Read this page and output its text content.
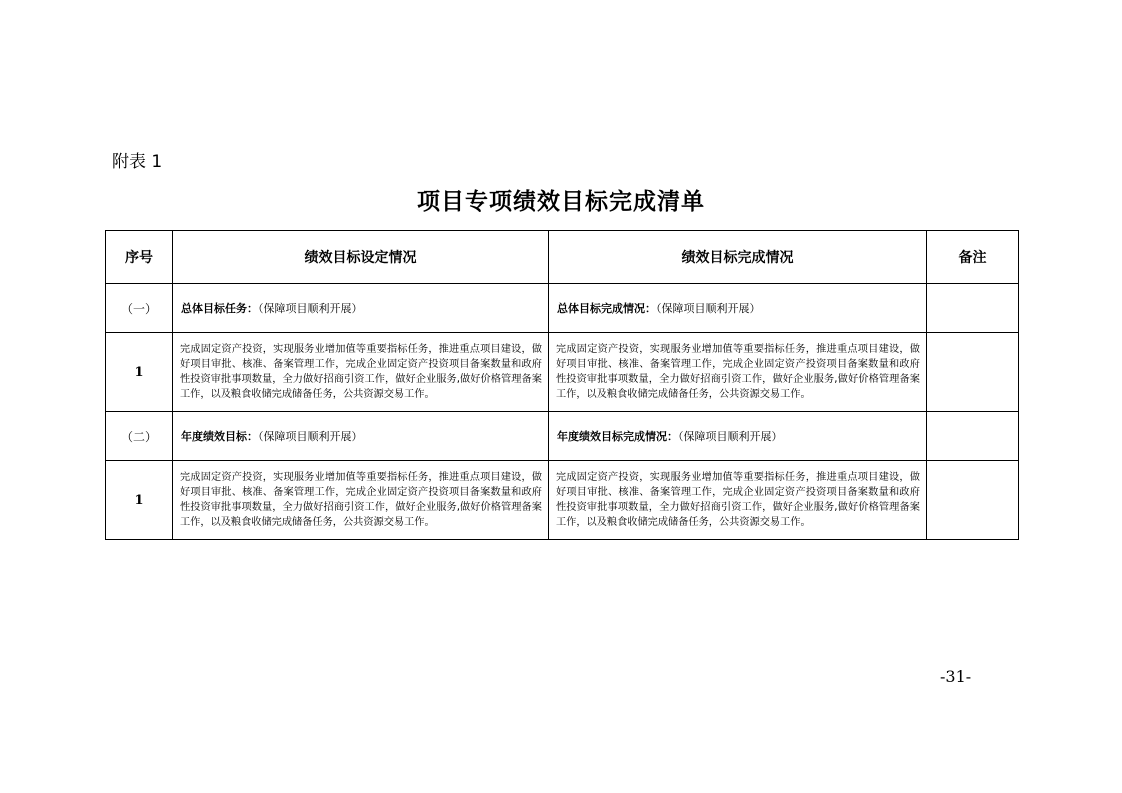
附表 1
项目专项绩效目标完成清单
序号	绩效目标设定情况	绩效目标完成情况	备注
（一）	总体目标任务：（保障项目顺利开展）	总体目标完成情况：（保障项目顺利开展）	

1	完成固定资产投资，实现服务业增加值等重要指标任务，推进重点项目建设，做好项目审批、核准、备案管理工作，完成企业固定资产投资项目备案数量和政府性投资审批事项数量，全力做好招商引资工作，做好企业服务,做好价格管理备案工作，以及粮食收储完成储备任务，公共资源交易工作。	完成固定资产投资，实现服务业增加值等重要指标任务，推进重点项目建设，做好项目审批、核准、备案管理工作，完成企业固定资产投资项目备案数量和政府性投资审批事项数量，全力做好招商引资工作，做好企业服务,做好价格管理备案工作，以及粮食收储完成储备任务，公共资源交易工作。	

（二）	年度绩效目标：（保障项目顺利开展）	年度绩效目标完成情况：（保障项目顺利开展）	

1	完成固定资产投资，实现服务业增加值等重要指标任务，推进重点项目建设，做好项目审批、核准、备案管理工作，完成企业固定资产投资项目备案数量和政府性投资审批事项数量，全力做好招商引资工作，做好企业服务,做好价格管理备案工作，以及粮食收储完成储备任务，公共资源交易工作。	完成固定资产投资，实现服务业增加值等重要指标任务，推进重点项目建设，做好项目审批、核准、备案管理工作，完成企业固定资产投资项目备案数量和政府性投资审批事项数量，全力做好招商引资工作，做好企业服务,做好价格管理备案工作，以及粮食收储完成储备任务，公共资源交易工作。	

-31-
